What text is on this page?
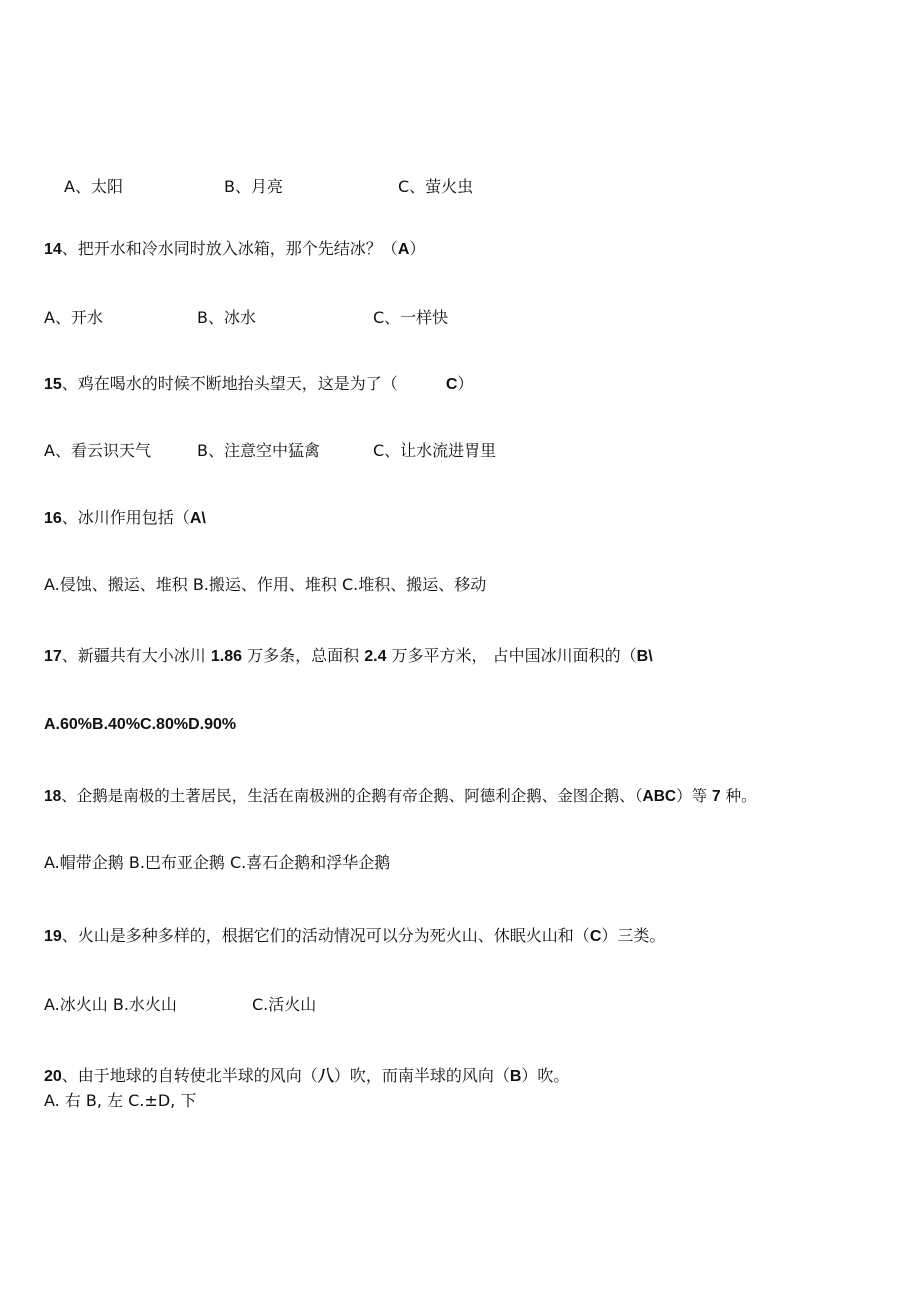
A、太阳	B、月亮	C、萤火虫
14、把开水和冷水同时放入冰箱，那个先结冰？（A）
A、开水	B、冰水	C、一样快
15、鸡在喝水的时候不断地抬头望天，这是为了（	C）
A、看云识天气	B、注意空中猛禽	C、让水流进胃里
16、冰川作用包括（A\
A.侵蚀、搬运、堆积 B.搬运、作用、堆积 C.堆积、搬运、移动
17、新疆共有大小冰川 1.86 万多条，总面积 2.4 万多平方米， 占中国冰川面积的（B\
A.60%B.40%C.80%D.90%
18、企鹅是南极的土著居民，生活在南极洲的企鹅有帝企鹅、阿德利企鹅、金图企鹅、（ABC）等 7 种。
A.帽带企鹅 B.巴布亚企鹅 C.喜石企鹅和浮华企鹅
19、火山是多种多样的，根据它们的活动情况可以分为死火山、休眠火山和（C）三类。
A.冰火山 B.水火山	C.活火山
20、由于地球的自转使北半球的风向（八）吹，而南半球的风向（B）吹。
A. 右 B, 左 C.±D, 下
